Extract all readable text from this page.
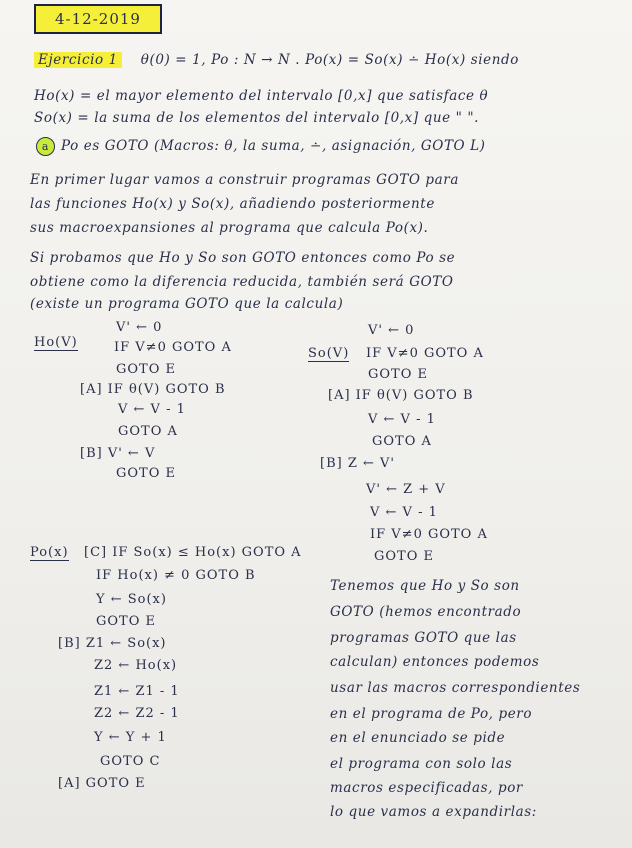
4-12-2019
Ejercicio 1 θ(0) = 1, Po : N → N . Po(x) = So(x) ∸ Ho(x) siendo
Ho(x) = el mayor elemento del intervalo [0,x] que satisface θ
So(x) = la suma de los elementos del intervalo [0,x] que " ".
a Po es GOTO (Macros: θ, la suma, ∸, asignación, GOTO L)
En primer lugar vamos a construir programas GOTO para
las funciones Ho(x) y So(x), añadiendo posteriormente
sus macroexpansiones al programa que calcula Po(x).
Si probamos que Ho y So son GOTO entonces como Po se
obtiene como la diferencia reducida, también será GOTO
(existe un programa GOTO que la calcula)
Ho(V)
V' ← 0
IF V≠0 GOTO A
GOTO E
[A] IF θ(V) GOTO B
V ← V - 1
GOTO A
[B] V' ← V
GOTO E
So(V)
V' ← 0
IF V≠0 GOTO A
GOTO E
[A] IF θ(V) GOTO B
V ← V - 1
GOTO A
[B] Z ← V'
V' ← Z + V
V ← V - 1
IF V≠0 GOTO A
GOTO E
Po(x) [C] IF So(x) ≤ Ho(x) GOTO A
IF Ho(x) ≠ 0 GOTO B
Y ← So(x)
GOTO E
[B] Z1 ← So(x)
Z2 ← Ho(x)
Z1 ← Z1 - 1
Z2 ← Z2 - 1
Y ← Y + 1
GOTO C
[A] GOTO E
Tenemos que Ho y So son
GOTO (hemos encontrado
programas GOTO que las
calculan) entonces podemos
usar las macros correspondientes
en el programa de Po, pero
en el enunciado se pide
el programa con solo las
macros especificadas, por
lo que vamos a expandirlas:
